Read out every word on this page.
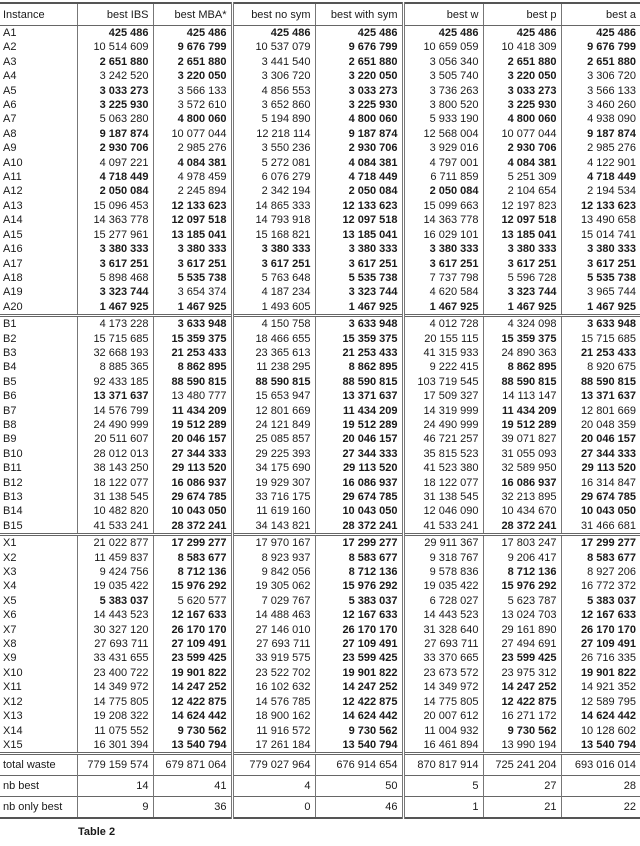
Instance	best IBS	best MBA*	best no sym	best with sym	best w	best p	best a
A1	425 486	425 486	425 486	425 486	425 486	425 486	425 486
A2	10 514 609	9 676 799	10 537 079	9 676 799	10 659 059	10 418 309	9 676 799
A3	2 651 880	2 651 880	3 441 540	2 651 880	3 056 340	2 651 880	2 651 880
A4	3 242 520	3 220 050	3 306 720	3 220 050	3 505 740	3 220 050	3 306 720
A5	3 033 273	3 566 133	4 856 553	3 033 273	3 736 263	3 033 273	3 566 133
A6	3 225 930	3 572 610	3 652 860	3 225 930	3 800 520	3 225 930	3 460 260
A7	5 063 280	4 800 060	5 194 890	4 800 060	5 933 190	4 800 060	4 938 090
A8	9 187 874	10 077 044	12 218 114	9 187 874	12 568 004	10 077 044	9 187 874
A9	2 930 706	2 985 276	3 550 236	2 930 706	3 929 016	2 930 706	2 985 276
A10	4 097 221	4 084 381	5 272 081	4 084 381	4 797 001	4 084 381	4 122 901
A11	4 718 449	4 978 459	6 076 279	4 718 449	6 711 859	5 251 309	4 718 449
A12	2 050 084	2 245 894	2 342 194	2 050 084	2 050 084	2 104 654	2 194 534
A13	15 096 453	12 133 623	14 865 333	12 133 623	15 099 663	12 197 823	12 133 623
A14	14 363 778	12 097 518	14 793 918	12 097 518	14 363 778	12 097 518	13 490 658
A15	15 277 961	13 185 041	15 168 821	13 185 041	16 029 101	13 185 041	15 014 741
A16	3 380 333	3 380 333	3 380 333	3 380 333	3 380 333	3 380 333	3 380 333
A17	3 617 251	3 617 251	3 617 251	3 617 251	3 617 251	3 617 251	3 617 251
A18	5 898 468	5 535 738	5 763 648	5 535 738	7 737 798	5 596 728	5 535 738
A19	3 323 744	3 654 374	4 187 234	3 323 744	4 620 584	3 323 744	3 965 744
A20	1 467 925	1 467 925	1 493 605	1 467 925	1 467 925	1 467 925	1 467 925
B1	4 173 228	3 633 948	4 150 758	3 633 948	4 012 728	4 324 098	3 633 948
B2	15 715 685	15 359 375	18 466 655	15 359 375	20 155 115	15 359 375	15 715 685
B3	32 668 193	21 253 433	23 365 613	21 253 433	41 315 933	24 890 363	21 253 433
B4	8 885 365	8 862 895	11 238 295	8 862 895	9 222 415	8 862 895	8 920 675
B5	92 433 185	88 590 815	88 590 815	88 590 815	103 719 545	88 590 815	88 590 815
B6	13 371 637	13 480 777	15 653 947	13 371 637	17 509 327	14 113 147	13 371 637
B7	14 576 799	11 434 209	12 801 669	11 434 209	14 319 999	11 434 209	12 801 669
B8	24 490 999	19 512 289	24 121 849	19 512 289	24 490 999	19 512 289	20 048 359
B9	20 511 607	20 046 157	25 085 857	20 046 157	46 721 257	39 071 827	20 046 157
B10	28 012 013	27 344 333	29 225 393	27 344 333	35 815 523	31 055 093	27 344 333
B11	38 143 250	29 113 520	34 175 690	29 113 520	41 523 380	32 589 950	29 113 520
B12	18 122 077	16 086 937	19 929 307	16 086 937	18 122 077	16 086 937	16 314 847
B13	31 138 545	29 674 785	33 716 175	29 674 785	31 138 545	32 213 895	29 674 785
B14	10 482 820	10 043 050	11 619 160	10 043 050	12 046 090	10 434 670	10 043 050
B15	41 533 241	28 372 241	34 143 821	28 372 241	41 533 241	28 372 241	31 466 681
X1	21 022 877	17 299 277	17 970 167	17 299 277	29 911 367	17 803 247	17 299 277
X2	11 459 837	8 583 677	8 923 937	8 583 677	9 318 767	9 206 417	8 583 677
X3	9 424 756	8 712 136	9 842 056	8 712 136	9 578 836	8 712 136	8 927 206
X4	19 035 422	15 976 292	19 305 062	15 976 292	19 035 422	15 976 292	16 772 372
X5	5 383 037	5 620 577	7 029 767	5 383 037	6 728 027	5 623 787	5 383 037
X6	14 443 523	12 167 633	14 488 463	12 167 633	14 443 523	13 024 703	12 167 633
X7	30 327 120	26 170 170	27 146 010	26 170 170	31 328 640	29 161 890	26 170 170
X8	27 693 711	27 109 491	27 693 711	27 109 491	27 693 711	27 494 691	27 109 491
X9	33 431 655	23 599 425	33 919 575	23 599 425	33 370 665	23 599 425	26 716 335
X10	23 400 722	19 901 822	23 522 702	19 901 822	23 673 572	23 975 312	19 901 822
X11	14 349 972	14 247 252	16 102 632	14 247 252	14 349 972	14 247 252	14 921 352
X12	14 775 805	12 422 875	14 576 785	12 422 875	14 775 805	12 422 875	12 589 795
X13	19 208 322	14 624 442	18 900 162	14 624 442	20 007 612	16 271 172	14 624 442
X14	11 075 552	9 730 562	11 916 572	9 730 562	11 004 932	9 730 562	10 128 602
X15	16 301 394	13 540 794	17 261 184	13 540 794	16 461 894	13 990 194	13 540 794
total waste	779 159 574	679 871 064	779 027 964	676 914 654	870 817 914	725 241 204	693 016 014
nb best	14	41	4	50	5	27	28
nb only best	9	36	0	46	1	21	22
Table 2
